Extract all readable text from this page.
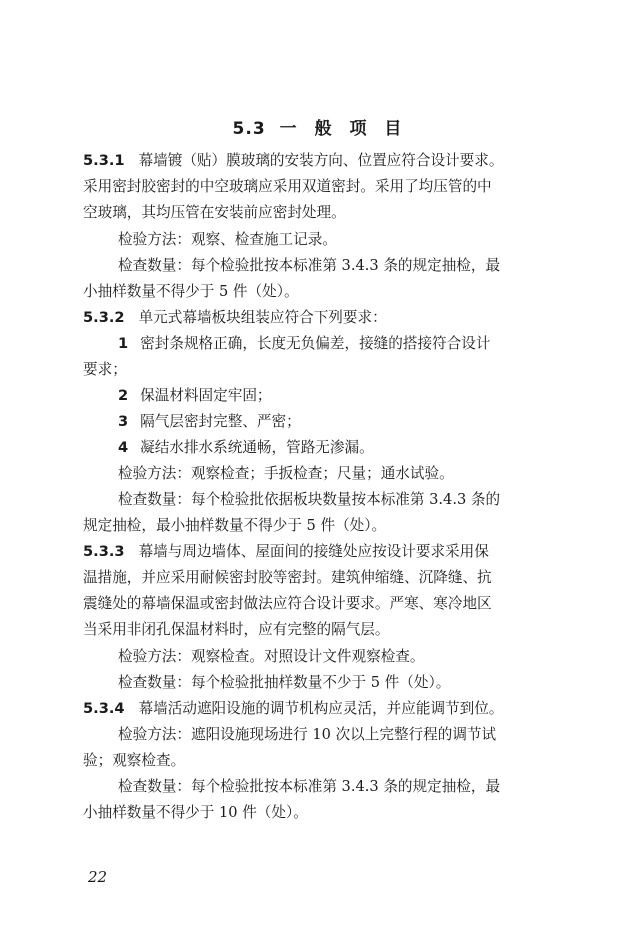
5.3 一 般 项 目
5.3.1 幕墙镀（贴）膜玻璃的安装方向、位置应符合设计要求。
采用密封胶密封的中空玻璃应采用双道密封。采用了均压管的中
空玻璃，其均压管在安装前应密封处理。
检验方法：观察、检查施工记录。
检查数量：每个检验批按本标准第 3.4.3 条的规定抽检，最
小抽样数量不得少于 5 件（处）。
5.3.2 单元式幕墙板块组装应符合下列要求：
1 密封条规格正确，长度无负偏差，接缝的搭接符合设计
要求；
2 保温材料固定牢固；
3 隔气层密封完整、严密；
4 凝结水排水系统通畅，管路无渗漏。
检验方法：观察检查；手扳检查；尺量；通水试验。
检查数量：每个检验批依据板块数量按本标准第 3.4.3 条的
规定抽检，最小抽样数量不得少于 5 件（处）。
5.3.3 幕墙与周边墙体、屋面间的接缝处应按设计要求采用保
温措施，并应采用耐候密封胶等密封。建筑伸缩缝、沉降缝、抗
震缝处的幕墙保温或密封做法应符合设计要求。严寒、寒冷地区
当采用非闭孔保温材料时，应有完整的隔气层。
检验方法：观察检查。对照设计文件观察检查。
检查数量：每个检验批抽样数量不少于 5 件（处）。
5.3.4 幕墙活动遮阳设施的调节机构应灵活，并应能调节到位。
检验方法：遮阳设施现场进行 10 次以上完整行程的调节试
验；观察检查。
检查数量：每个检验批按本标准第 3.4.3 条的规定抽检，最
小抽样数量不得少于 10 件（处）。
22
